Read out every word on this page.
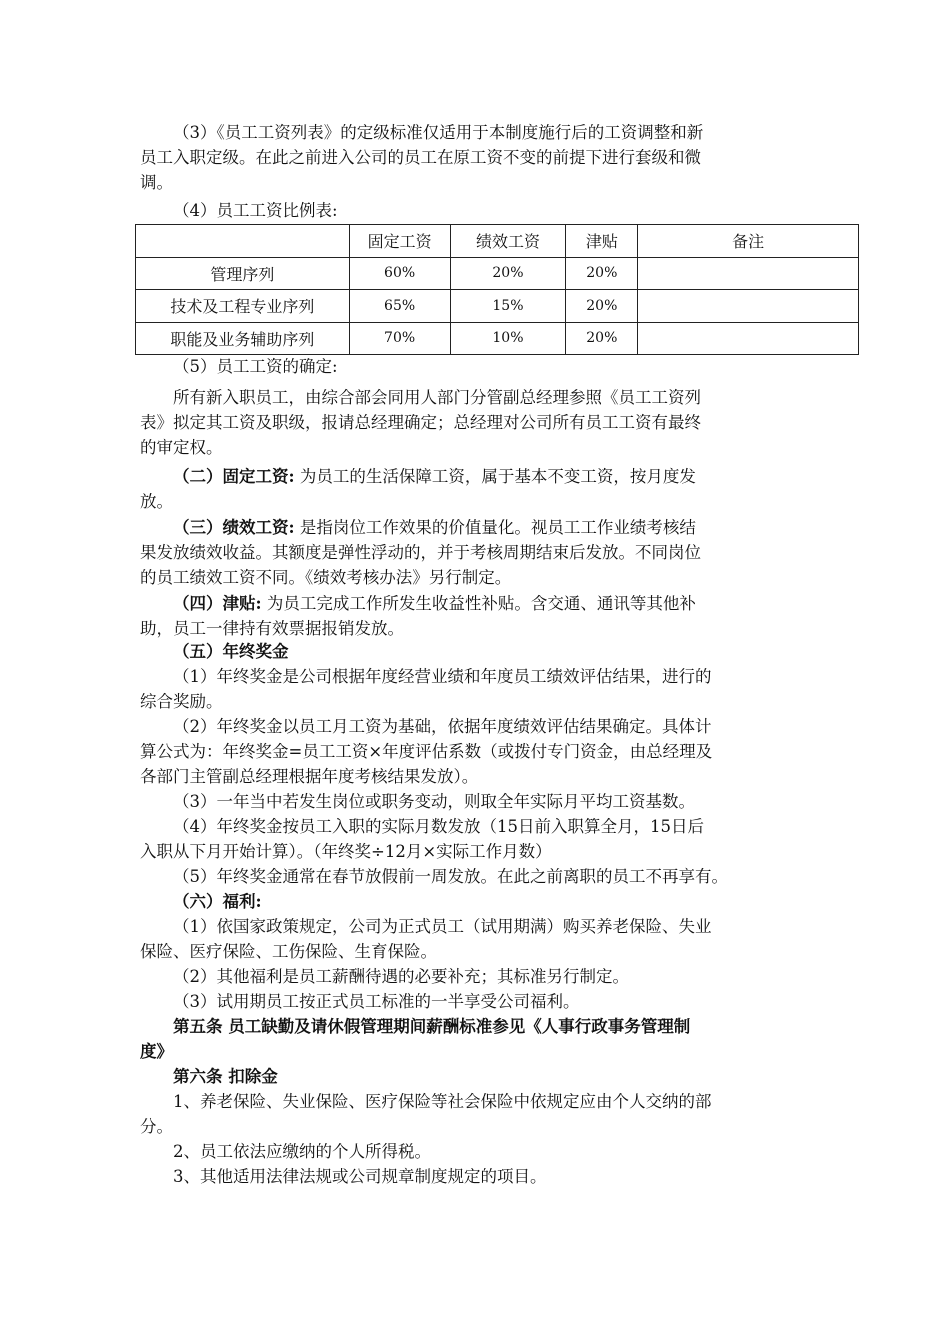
（3）《员工工资列表》的定级标准仅适用于本制度施行后的工资调整和新
员工入职定级。在此之前进入公司的员工在原工资不变的前提下进行套级和微
调。

（4）员工工资比例表:

	固定工资	绩效工资	津贴	备注
管理序列	60%	20%	20%	
技术及工程专业序列	65%	15%	20%	
职能及业务辅助序列	70%	10%	20%	

（5）员工工资的确定:

所有新入职员工，由综合部会同用人部门分管副总经理参照《员工工资列
表》拟定其工资及职级，报请总经理确定；总经理对公司所有员工工资有最终
的审定权。

（二）固定工资: 为员工的生活保障工资，属于基本不变工资，按月度发
放。

（三）绩效工资: 是指岗位工作效果的价值量化。视员工工作业绩考核结
果发放绩效收益。其额度是弹性浮动的，并于考核周期结束后发放。不同岗位
的员工绩效工资不同。《绩效考核办法》另行制定。

（四）津贴: 为员工完成工作所发生收益性补贴。含交通、通讯等其他补
助，员工一律持有效票据报销发放。

（五）年终奖金

（1）年终奖金是公司根据年度经营业绩和年度员工绩效评估结果，进行的
综合奖励。

（2）年终奖金以员工月工资为基础，依据年度绩效评估结果确定。具体计
算公式为：年终奖金=员工工资×年度评估系数（或拨付专门资金，由总经理及
各部门主管副总经理根据年度考核结果发放）。

（3）一年当中若发生岗位或职务变动，则取全年实际月平均工资基数。

（4）年终奖金按员工入职的实际月数发放（15日前入职算全月，15日后
入职从下月开始计算）。（年终奖÷12月×实际工作月数）

（5）年终奖金通常在春节放假前一周发放。在此之前离职的员工不再享有。

（六）福利:

（1）依国家政策规定，公司为正式员工（试用期满）购买养老保险、失业
保险、医疗保险、工伤保险、生育保险。

（2）其他福利是员工薪酬待遇的必要补充；其标准另行制定。

（3）试用期员工按正式员工标准的一半享受公司福利。

第五条 员工缺勤及请休假管理期间薪酬标准参见《人事行政事务管理制
度》

第六条 扣除金

1、养老保险、失业保险、医疗保险等社会保险中依规定应由个人交纳的部
分。

2、员工依法应缴纳的个人所得税。

3、其他适用法律法规或公司规章制度规定的项目。
